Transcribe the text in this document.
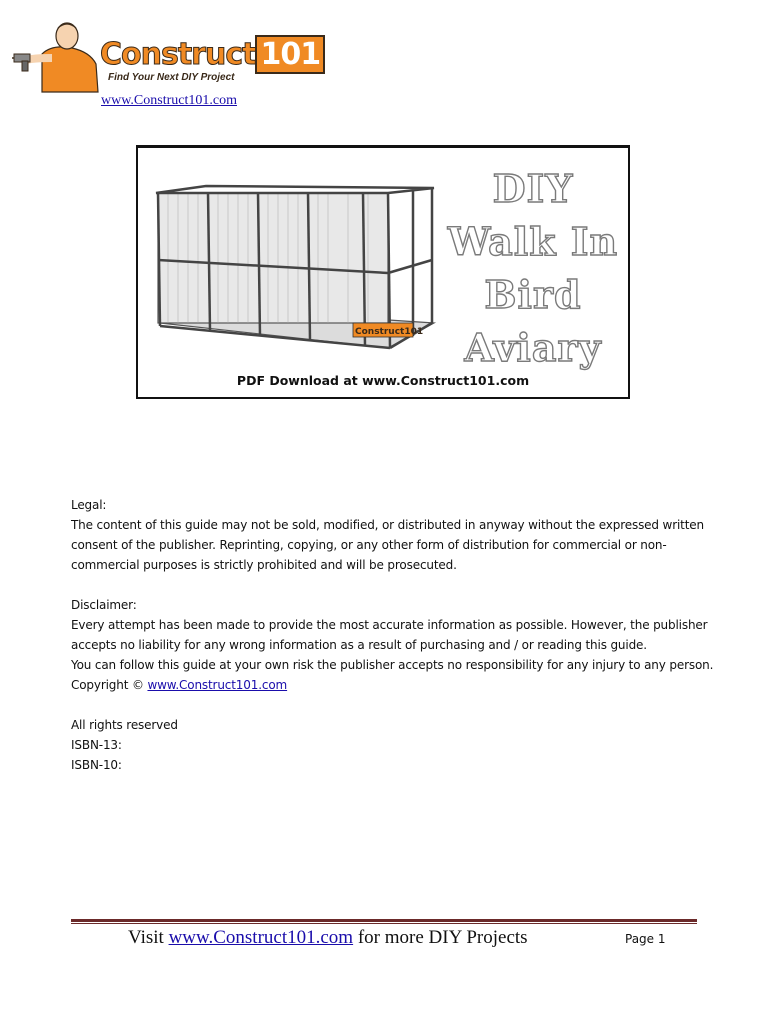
Construct 101
Find Your Next DIY Project
www.Construct101.com
Construct101
DIY
Walk In
Bird
Aviary
PDF Download at www.Construct101.com

Legal:

The content of this guide may not be sold, modified, or distributed in anyway without the expressed written

consent of the publisher. Reprinting, copying, or any other form of distribution for commercial or non-

commercial purposes is strictly prohibited and will be prosecuted.

Disclaimer:

Every attempt has been made to provide the most accurate information as possible. However, the publisher

accepts no liability for any wrong information as a result of purchasing and / or reading this guide.

You can follow this guide at your own risk the publisher accepts no responsibility for any injury to any person.

Copyright © www.Construct101.com

All rights reserved

ISBN-13:

ISBN-10:

Visit www.Construct101.com for more DIY Projects	Page 1
